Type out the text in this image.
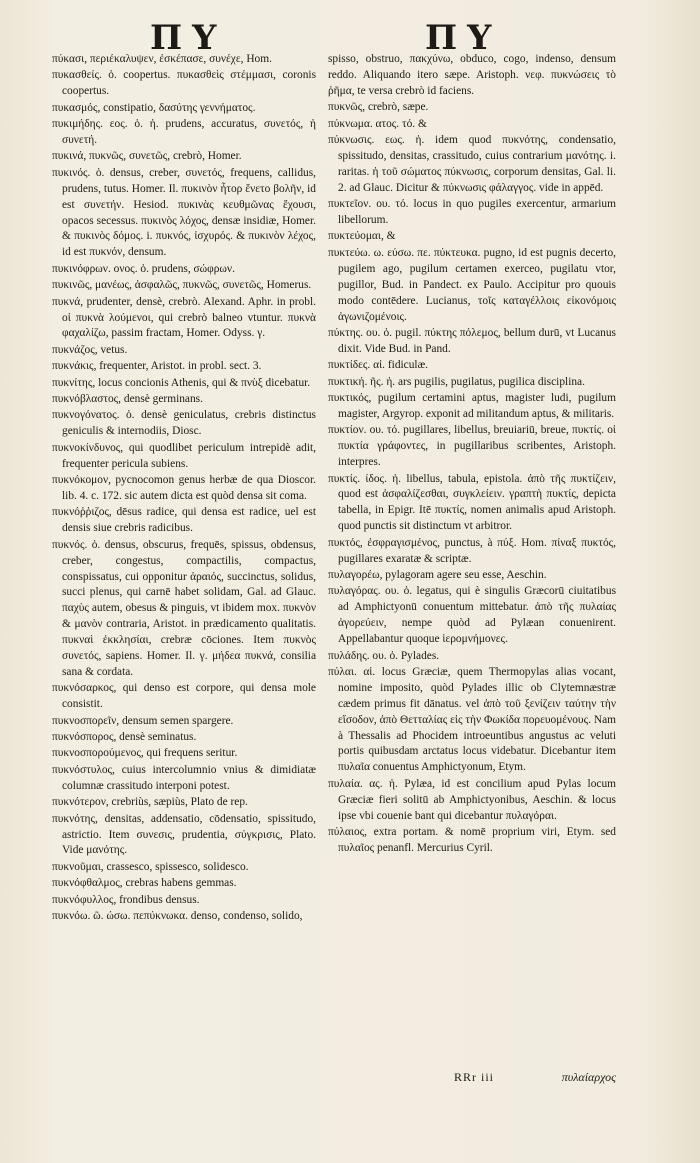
ΠΥ	ΠΥ

πύκασι, περιέκαλυψεν, ἐσκέπασε, συνέχε, Hom.

πυκασθείς. ὁ. coopertus. πυκασθεὶς στέμμασι, coronis coopertus.

πυκασμός, constipatio, δασύτης γεννήματος.

πυκιμήδης. εος. ὁ. ἡ. prudens, accuratus, συνετός, ἡ συνετή.

πυκινά, πυκνῶς, συνετῶς, crebrò, Homer.

πυκινός. ὁ. densus, creber, συνετός, frequens, callidus, prudens, tutus. Homer. Il. πυκινὸν ἦτορ ἔνετο βολῆν, id est συνετήν. Hesiod. πυκινὰς κευθμῶνας ἔχουσι, opacos secessus. πυκινὸς λόχος, densæ insidiæ, Homer. & πυκινὸς δόμος. i. πυκνός, ἰσχυρός. & πυκινὸν λέχος, id est πυκνόν, densum.

πυκινόφρων. ονος. ὁ. prudens, σώφρων.

πυκινῶς, μανέως, ἀσφαλῶς, πυκνῶς, συνετῶς, Homerus.

πυκνά, prudenter, densè, crebrò. Alexand. Aphr. in probl. οἱ πυκνὰ λούμενοι, qui crebrò balneo vtuntur. πυκνὰ φαχαλίζω, passim fractam, Homer. Odyss. γ.

πυκνάζος, vetus.

πυκνάκις, frequenter, Aristot. in probl. sect. 3.

πυκνίτης, locus concionis Athenis, qui & πνὺξ dicebatur.

πυκνόβλαστος, densè germinans.

πυκνογόνατος. ὁ. densè geniculatus, crebris distinctus geniculis & internodiis, Diosc.

πυκνοκίνδυνος, qui quodlibet periculum intrepidè adit, frequenter pericula subiens.

πυκνόκομον, pycnocomon genus herbæ de qua Dioscor. lib. 4. c. 172. sic autem dicta est quòd densa sit coma.

πυκνόῤῥιζος, dēsus radice, qui densa est radice, uel est densis siue crebris radicibus.

πυκνός. ὁ. densus, obscurus, frequēs, spissus, obdensus, creber, congestus, compactilis, compactus, conspissatus, cui opponitur ἀραιός, succinctus, solidus, succi plenus, qui carnē habet solidam, Gal. ad Glauc. παχὺς autem, obesus & pinguis, vt ibidem mox. πυκνὸν & μανὸν contraria, Aristot. in prædicamento qualitatis. πυκναὶ ἐκκλησίαι, crebræ cōciones. Item πυκνὸς συνετός, sapiens. Homer. Il. γ. μήδεα πυκνά, consilia sana & cordata.

πυκνόσαρκος, qui denso est corpore, qui densa mole consistit.

πυκνοσπορεῖν, densum semen spargere.

πυκνόσπορος, densè seminatus.

πυκνοσπορούμενος, qui frequens seritur.

πυκνόστυλος, cuius intercolumnio vnius & dimidiatæ columnæ crassitudo interponi potest.

πυκνότερον, crebriùs, sæpiùs, Plato de rep.

πυκνότης, densitas, addensatio, cōdensatio, spissitudo, astrictio. Item συνεσις, prudentia, σύγκρισις, Plato. Vide μανότης.

πυκνοῦμαι, crassesco, spissesco, solidesco.

πυκνόφθαλμος, crebras habens gemmas.

πυκνόφυλλος, frondibus densus.

πυκνόω. ῶ. ώσω. πεπύκνωκα. denso, condenso, solido,

spisso, obstruo, πακχύνω, obduco, cogo, indenso, densum reddo. Aliquando itero sæpe. Aristoph. νεφ. πυκνώσεις τὸ ῥῆμα, te versa crebrò id faciens.

πυκνῶς, crebrò, sæpe.

πύκνωμα. ατος. τό. &

πύκνωσις. εως. ἡ. idem quod πυκνότης, condensatio, spissitudo, densitas, crassitudo, cuius contrarium μανότης. i. raritas. ἡ τοῦ σώματος πύκνωσις, corporum densitas, Gal. li. 2. ad Glauc. Dicitur & πύκνωσις φάλαγγος. vide in appēd.

πυκτεῖον. ου. τό. locus in quo pugiles exercentur, armarium libellorum.

πυκτεύομαι, &

πυκτεύω. ω. εύσω. πε. πύκτευκα. pugno, id est pugnis decerto, pugilem ago, pugilum certamen exerceo, pugilatu vtor, pugillor, Bud. in Pandect. ex Paulo. Accipitur pro quouis modo contēdere. Lucianus, τοῖς καταγέλλοις εἰκονόμοις ἀγωνιζομένοις.

πύκτης. ου. ὁ. pugil. πύκτης πόλεμος, bellum durū, vt Lucanus dixit. Vide Bud. in Pand.

πυκτίδες. αἱ. fidiculæ.

πυκτική. ῆς. ἡ. ars pugilis, pugilatus, pugilica disciplina.

πυκτικός, pugilum certamini aptus, magister ludi, pugilum magister, Argyrop. exponit ad militandum aptus, & militaris.

πυκτίον. ου. τό. pugillares, libellus, breuiariū, breue, πυκτίς. οἱ πυκτία γράφοντες, in pugillaribus scribentes, Aristoph. interpres.

πυκτίς. ίδος. ἡ. libellus, tabula, epistola. ἀπὸ τῆς πυκτίζειν, quod est ἀσφαλίζεσθαι, συγκλείειν. γραπτὴ πυκτίς, depicta tabella, in Epigr. Itē πυκτίς, nomen animalis apud Aristoph. quod punctis sit distinctum vt arbitror.

πυκτός, ἐσφραγισμένος, punctus, à πύξ. Hom. πίναξ πυκτός, pugillares exaratæ & scriptæ.

πυλαγορέω, pylagoram agere seu esse, Aeschin.

πυλαγόρας. ου. ὁ. legatus, qui è singulis Græcorū ciuitatibus ad Amphictyonū conuentum mittebatur. ἀπὸ τῆς πυλαίας ἀγορεύειν, nempe quòd ad Pylæan conuenirent. Appellabantur quoque ἱερομνήμονες.

πυλάδης. ου. ὁ. Pylades.

πύλαι. αἱ. locus Græciæ, quem Thermopylas alias vocant, nomine imposito, quòd Pylades illic ob Clytemnæstræ cædem primus fit dānatus. vel ἀπὸ τοῦ ξενίζειν ταύτην τὴν εἴσοδον, ἀπὸ Θετταλίας εἰς τὴν Φωκίδα πορευομένους. Nam à Thessalis ad Phocidem introeuntibus angustus ac veluti portis quibusdam arctatus locus videbatur. Dicebantur item πυλαῖα conuentus Amphictyonum, Etym.

πυλαία. ας. ἡ. Pylæa, id est concilium apud Pylas locum Græciæ fieri solitū ab Amphictyonibus, Aeschin. & locus ipse vbi couenie bant qui dicebantur πυλαγόραι.

πύλαιος, extra portam. & nomē proprium viri, Etym. sed πυλαῖος penanfl. Mercurius Cyril.

RRr iii	πυλαίαρχος
